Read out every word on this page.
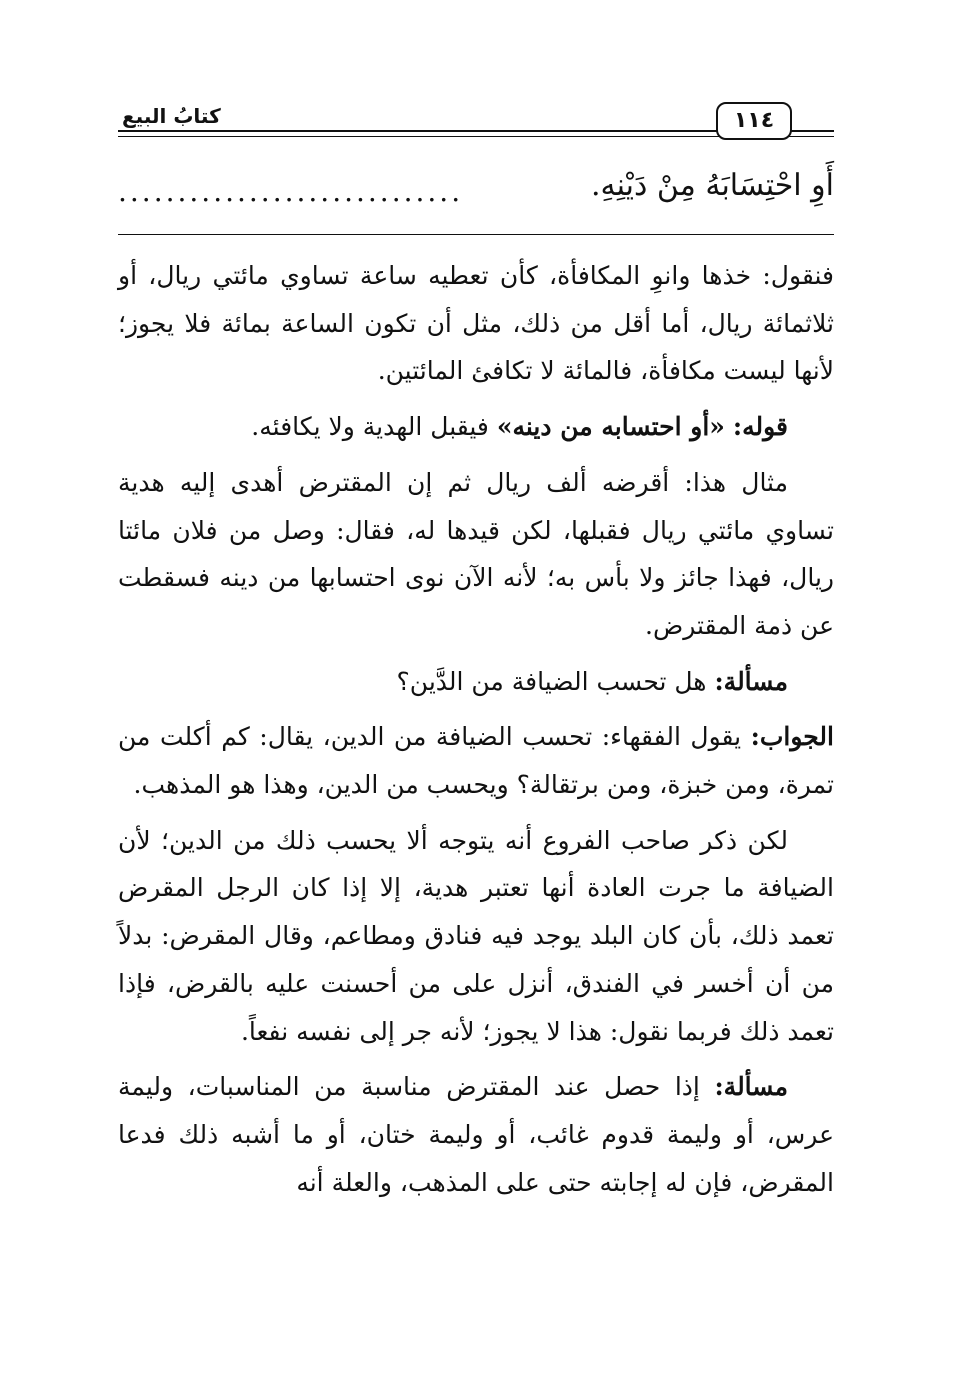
كتابُ البيع	١١٤
أَوِ احْتِسَابَهُ مِنْ دَيْنِهِ.
.............................

فنقول: خذها وانوِ المكافأة، كأن تعطيه ساعة تساوي مائتي ريال، أو ثلاثمائة ريال، أما أقل من ذلك، مثل أن تكون الساعة بمائة فلا يجوز؛ لأنها ليست مكافأة، فالمائة لا تكافئ المائتين.

قوله: «أو احتسابه من دينه» فيقبل الهدية ولا يكافئه.

مثال هذا: أقرضه ألف ريال ثم إن المقترض أهدى إليه هدية تساوي مائتي ريال فقبلها، لكن قيدها له، فقال: وصل من فلان مائتا ريال، فهذا جائز ولا بأس به؛ لأنه الآن نوى احتسابها من دينه فسقطت عن ذمة المقترض.

مسألة: هل تحسب الضيافة من الدَّين؟

الجواب: يقول الفقهاء: تحسب الضيافة من الدين، يقال: كم أكلت من تمرة، ومن خبزة، ومن برتقالة؟ ويحسب من الدين، وهذا هو المذهب.

لكن ذكر صاحب الفروع أنه يتوجه ألا يحسب ذلك من الدين؛ لأن الضيافة ما جرت العادة أنها تعتبر هدية، إلا إذا كان الرجل المقرض تعمد ذلك، بأن كان البلد يوجد فيه فنادق ومطاعم، وقال المقرض: بدلاً من أن أخسر في الفندق، أنزل على من أحسنت عليه بالقرض، فإذا تعمد ذلك فربما نقول: هذا لا يجوز؛ لأنه جر إلى نفسه نفعاً.

مسألة: إذا حصل عند المقترض مناسبة من المناسبات، وليمة عرس، أو وليمة قدوم غائب، أو وليمة ختان، أو ما أشبه ذلك فدعا المقرض، فإن له إجابته حتى على المذهب، والعلة أنه
